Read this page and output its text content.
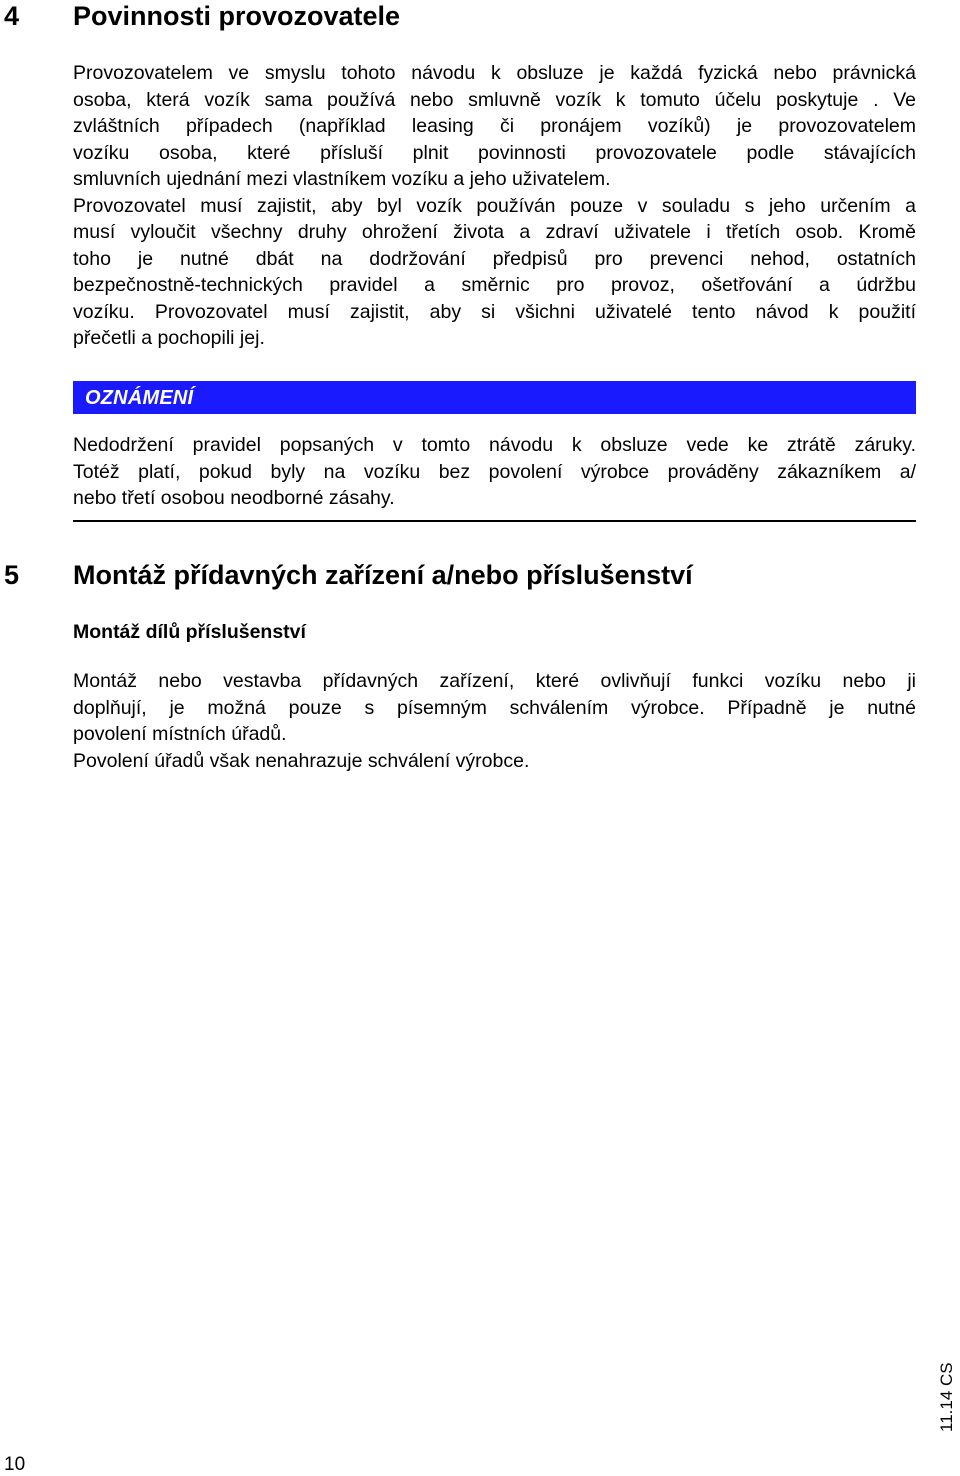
4 Povinnosti provozovatele
Provozovatelem ve smyslu tohoto návodu k obsluze je každá fyzická nebo právnická
osoba, která vozík sama používá nebo smluvně vozík k tomuto účelu poskytuje . Ve
zvláštních případech (například leasing či pronájem vozíků) je provozovatelem
vozíku osoba, které přísluší plnit povinnosti provozovatele podle stávajících
smluvních ujednání mezi vlastníkem vozíku a jeho uživatelem.
Provozovatel musí zajistit, aby byl vozík používán pouze v souladu s jeho určením a
musí vyloučit všechny druhy ohrožení života a zdraví uživatele i třetích osob. Kromě
toho je nutné dbát na dodržování předpisů pro prevenci nehod, ostatních
bezpečnostně-technických pravidel a směrnic pro provoz, ošetřování a údržbu
vozíku. Provozovatel musí zajistit, aby si všichni uživatelé tento návod k použití
přečetli a pochopili jej.
OZNÁMENÍ
Nedodržení pravidel popsaných v tomto návodu k obsluze vede ke ztrátě záruky.
Totéž platí, pokud byly na vozíku bez povolení výrobce prováděny zákazníkem a/
nebo třetí osobou neodborné zásahy.
5 Montáž přídavných zařízení a/nebo příslušenství
Montáž dílů příslušenství
Montáž nebo vestavba přídavných zařízení, které ovlivňují funkci vozíku nebo ji
doplňují, je možná pouze s písemným schválením výrobce. Případně je nutné
povolení místních úřadů.
Povolení úřadů však nenahrazuje schválení výrobce.
11.14 CS
10
